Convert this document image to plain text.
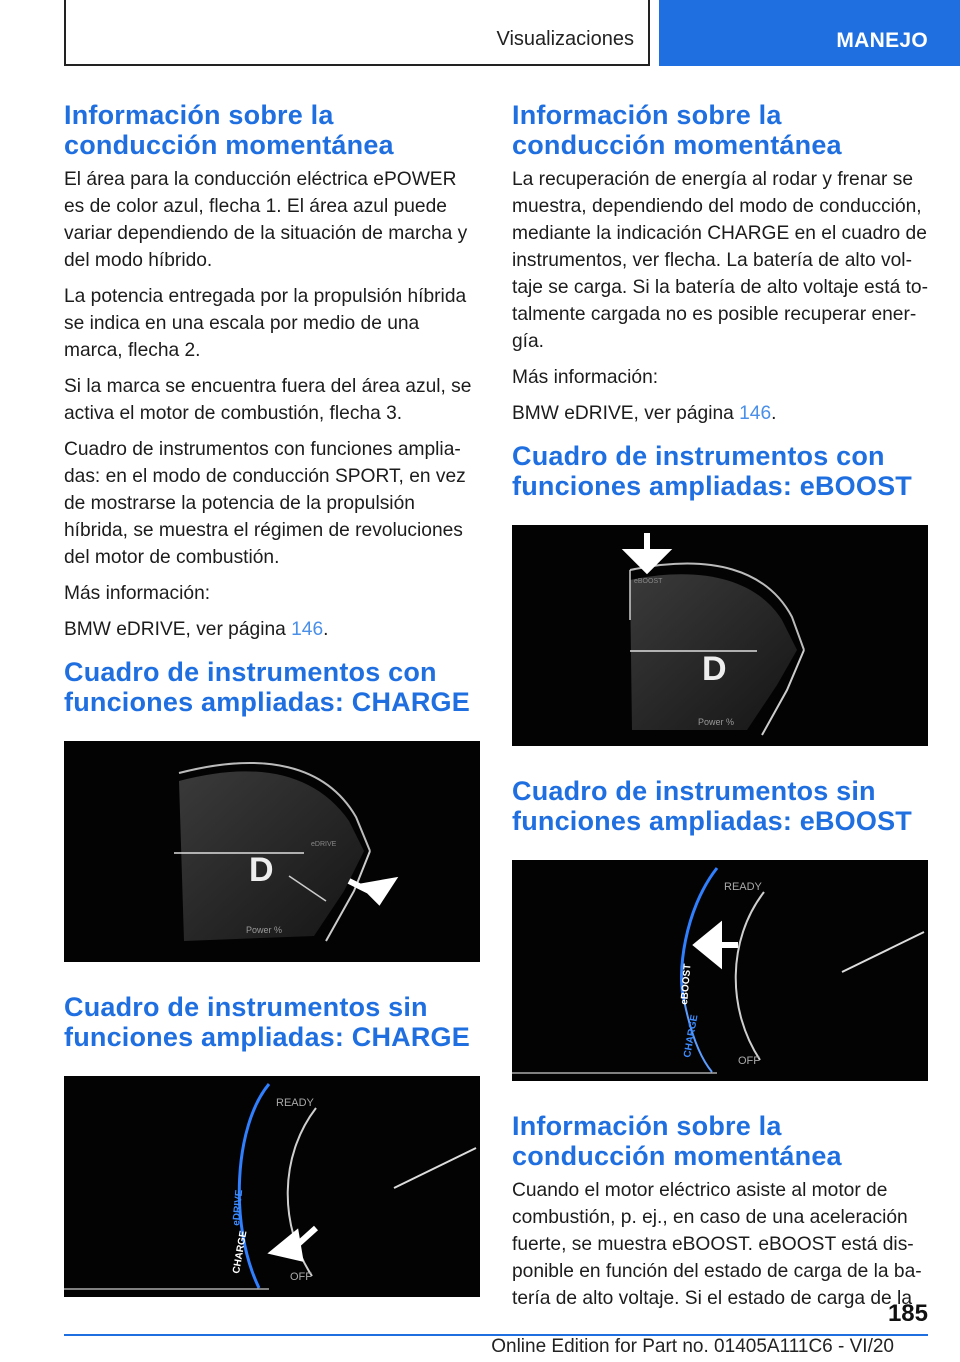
Visualizaciones	MANEJO
Información sobre la conducción momentánea

El área para la conducción eléctrica ePOWER es de color azul, flecha 1. El área azul puede variar dependiendo de la situación de marcha y del modo híbrido.

La potencia entregada por la propulsión híbrida se indica en una escala por medio de una marca, flecha 2.

Si la marca se encuentra fuera del área azul, se activa el motor de combustión, flecha 3.

Cuadro de instrumentos con funciones ampliadas: en el modo de conducción SPORT, en vez de mostrarse la potencia de la propulsión híbrida, se muestra el régimen de revoluciones del motor de combustión.

Más información:

BMW eDRIVE, ver página 146.

Cuadro de instrumentos con funciones ampliadas: CHARGE
D
eDRIVE
Power %
Cuadro de instrumentos sin funciones ampliadas: CHARGE
READY
eDRIVE
CHARGE
OFF
Información sobre la conducción momentánea

La recuperación de energía al rodar y frenar se muestra, dependiendo del modo de conducción, mediante la indicación CHARGE en el cuadro de instrumentos, ver flecha. La batería de alto voltaje se carga. Si la batería de alto voltaje está totalmente cargada no es posible recuperar energía.

Más información:

BMW eDRIVE, ver página 146.

Cuadro de instrumentos con funciones ampliadas: eBOOST
D
eBOOST
Power %
Cuadro de instrumentos sin funciones ampliadas: eBOOST
READY
eBOOST
CHARGE
OFF
Información sobre la conducción momentánea

Cuando el motor eléctrico asiste al motor de combustión, p. ej., en caso de una aceleración fuerte, se muestra eBOOST. eBOOST está disponible en función del estado de carga de la batería de alto voltaje. Si el estado de carga de la

185
Online Edition for Part no. 01405A111C6 - VI/20
